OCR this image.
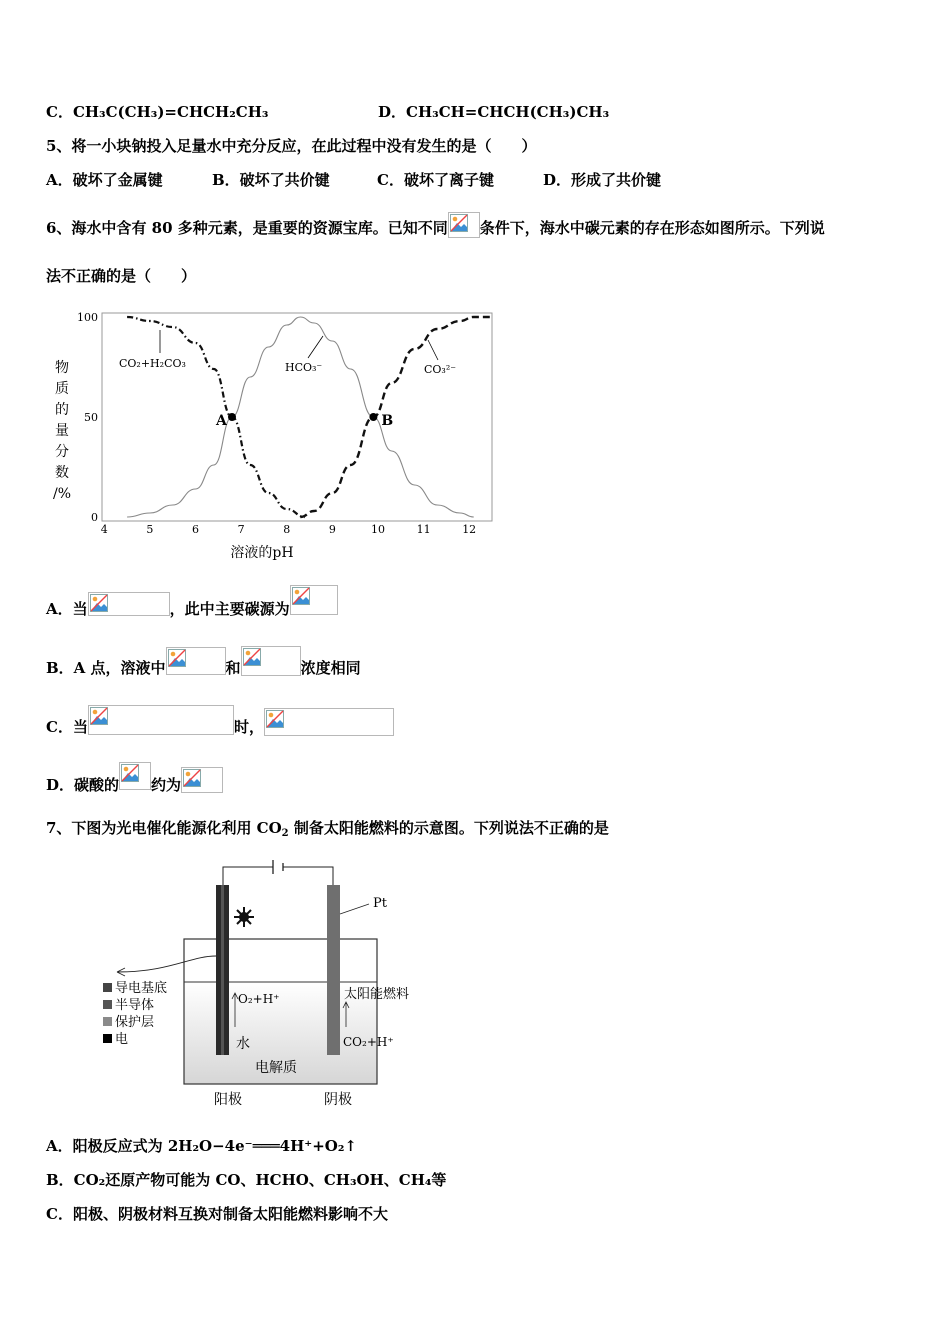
C．CH₃C(CH₃)=CHCH₂CH₃	D．CH₃CH=CHCH(CH₃)CH₃
5、将一小块钠投入足量水中充分反应，在此过程中没有发生的是（　　）
A．破坏了金属键	B．破坏了共价键	C．破坏了离子键	D．形成了共价键
6、海水中含有 80 多种元素，是重要的资源宝库。已知不同 条件下，海水中碳元素的存在形态如图所示。下列说
法不正确的是（　　）
100
50
0
4	5	6	7	8	9	10	11	12
A	B
物
质
的
量
分
数
/%
溶液的pH
CO₂+H₂CO₃	HCO₃⁻	CO₃²⁻
A．当	，此中主要碳源为
B．A 点，溶液中	和	浓度相同
C．当	时，
D．碳酸的 约为
7、下图为光电催化能源化利用 $CO_2$ 制备太阳能燃料的示意图。下列说法不正确的是
Pt
导电基底
半导体
保护层
电
O₂+H⁺
水
太阳能燃料
CO₂+H⁺
电解质
阳极	阴极
A．阳极反应式为 2H₂O−4e⁻═══4H⁺+O₂↑
B．CO₂还原产物可能为 CO、HCHO、CH₃OH、CH₄等
C．阳极、阴极材料互换对制备太阳能燃料影响不大
